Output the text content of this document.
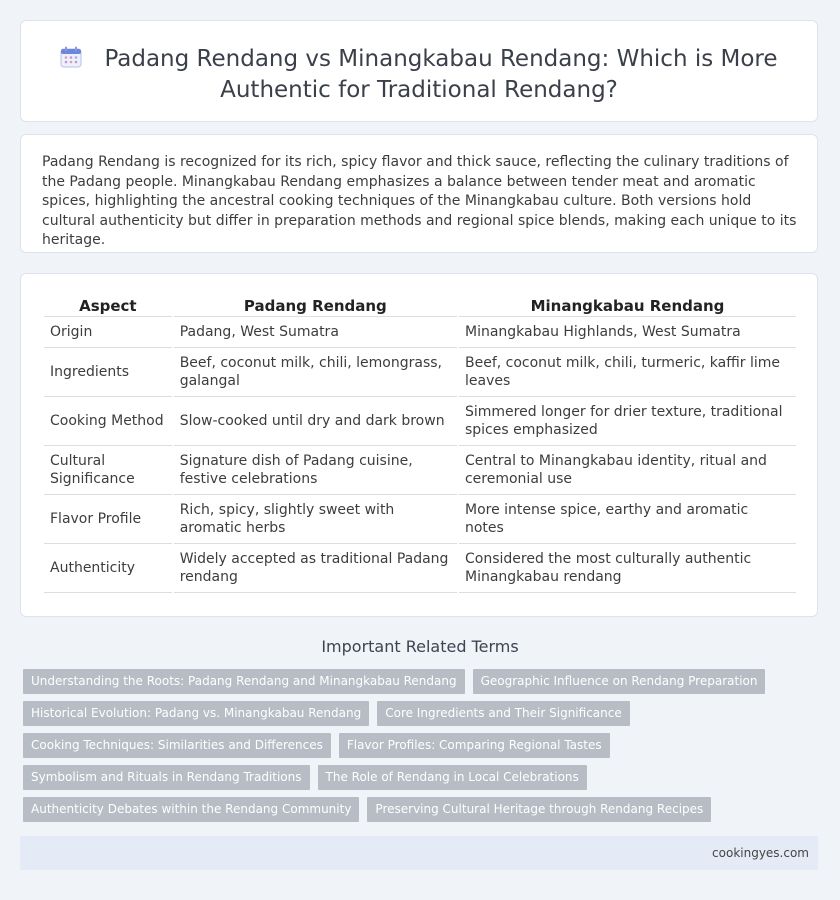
Padang Rendang vs Minangkabau Rendang: Which is More Authentic for Traditional Rendang?
Padang Rendang is recognized for its rich, spicy flavor and thick sauce, reflecting the culinary traditions of the Padang people. Minangkabau Rendang emphasizes a balance between tender meat and aromatic spices, highlighting the ancestral cooking techniques of the Minangkabau culture. Both versions hold cultural authenticity but differ in preparation methods and regional spice blends, making each unique to its heritage.
Aspect	Padang Rendang	Minangkabau Rendang
Origin	Padang, West Sumatra	Minangkabau Highlands, West Sumatra
Ingredients	Beef, coconut milk, chili, lemongrass, galangal	Beef, coconut milk, chili, turmeric, kaffir lime leaves
Cooking Method	Slow-cooked until dry and dark brown	Simmered longer for drier texture, traditional spices emphasized
Cultural Significance	Signature dish of Padang cuisine, festive celebrations	Central to Minangkabau identity, ritual and ceremonial use
Flavor Profile	Rich, spicy, slightly sweet with aromatic herbs	More intense spice, earthy and aromatic notes
Authenticity	Widely accepted as traditional Padang rendang	Considered the most culturally authentic Minangkabau rendang
Important Related Terms
Understanding the Roots: Padang Rendang and Minangkabau Rendang	Geographic Influence on Rendang Preparation
Historical Evolution: Padang vs. Minangkabau Rendang	Core Ingredients and Their Significance
Cooking Techniques: Similarities and Differences	Flavor Profiles: Comparing Regional Tastes
Symbolism and Rituals in Rendang Traditions	The Role of Rendang in Local Celebrations
Authenticity Debates within the Rendang Community	Preserving Cultural Heritage through Rendang Recipes
cookingyes.com
